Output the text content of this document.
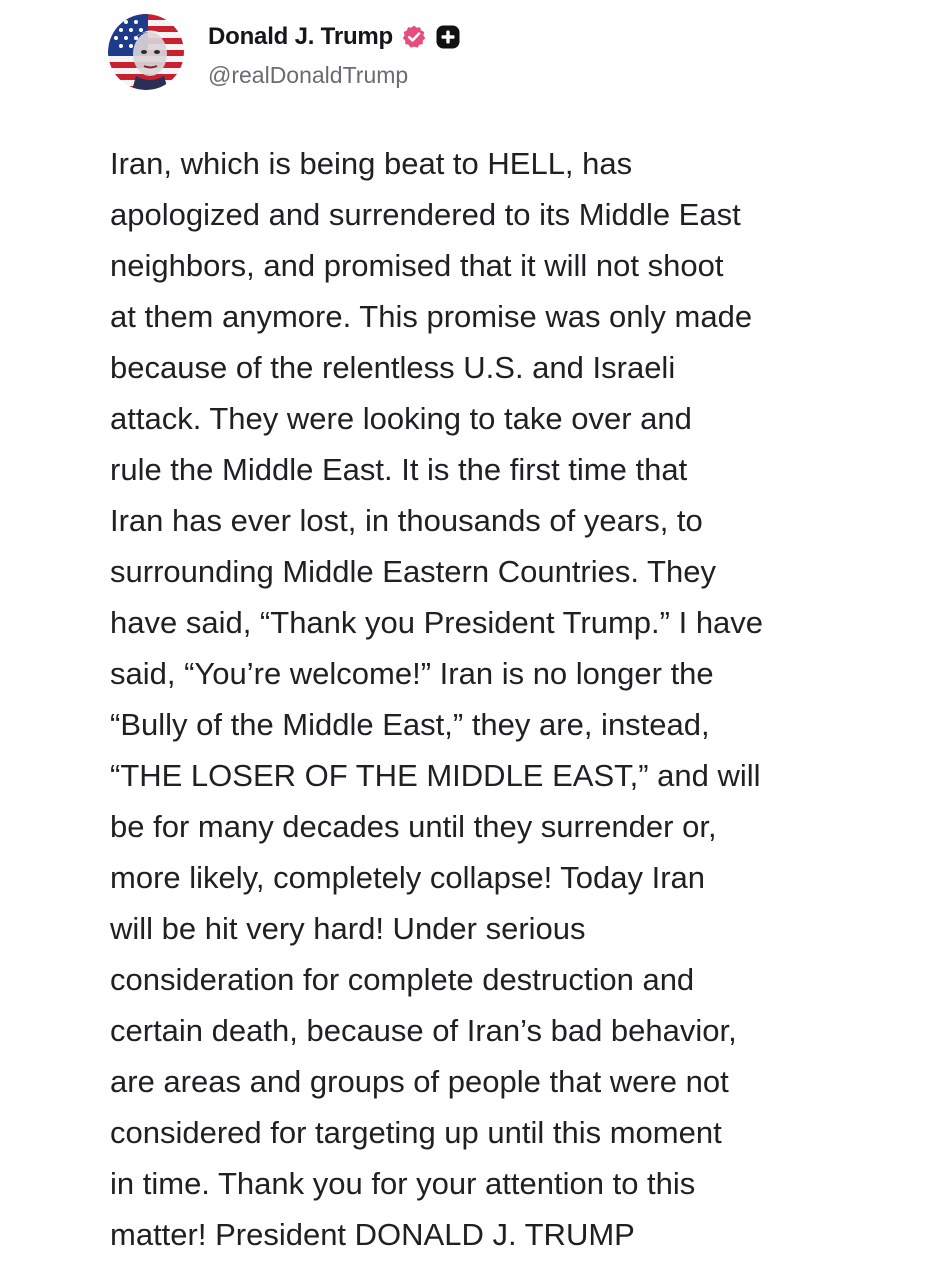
Donald J. Trump
@realDonaldTrump

Iran, which is being beat to HELL, has
apologized and surrendered to its Middle East
neighbors, and promised that it will not shoot
at them anymore. This promise was only made
because of the relentless U.S. and Israeli
attack. They were looking to take over and
rule the Middle East. It is the first time that
Iran has ever lost, in thousands of years, to
surrounding Middle Eastern Countries. They
have said, “Thank you President Trump.” I have
said, “You’re welcome!” Iran is no longer the
“Bully of the Middle East,” they are, instead,
“THE LOSER OF THE MIDDLE EAST,” and will
be for many decades until they surrender or,
more likely, completely collapse! Today Iran
will be hit very hard! Under serious
consideration for complete destruction and
certain death, because of Iran’s bad behavior,
are areas and groups of people that were not
considered for targeting up until this moment
in time. Thank you for your attention to this
matter! President DONALD J. TRUMP
